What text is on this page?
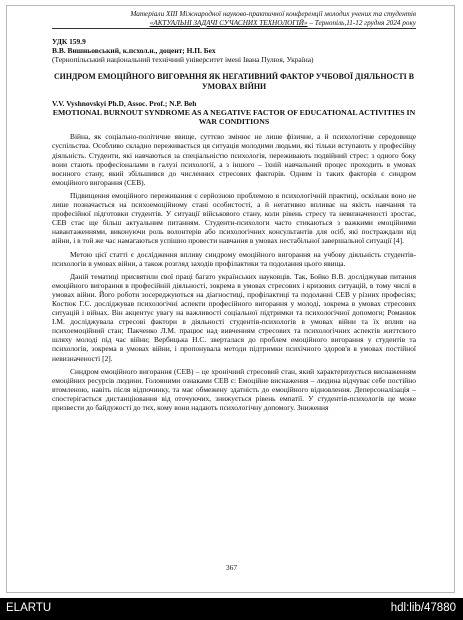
Матеріали XIII Міжнародної науково-практичної конференції молодих учених та студентів
«АКТУАЛЬНІ ЗАДАЧІ СУЧАСНИХ ТЕХНОЛОГІЙ» – Тернопіль,11-12 грудня 2024 року
УДК 159.9
В.В. Вишньовський, к.псхол.н., доцент; Н.П. Бех
(Тернопільський національний технічний університет імені Івана Пулюя, Україна)
СИНДРОМ ЕМОЦІЙНОГО ВИГОРАННЯ ЯК НЕГАТИВНИЙ ФАКТОР УЧБОВОЇ ДІЯЛЬНОСТІ В УМОВАХ ВІЙНИ
V.V. Vyshnovskyi Ph.D, Assoc. Prof.; N.P. Beh
EMOTIONAL BURNOUT SYNDROME AS A NEGATIVE FACTOR OF EDUCATIONAL ACTIVITIES IN WAR CONDITIONS
Війна, як соціально-політичне явище, суттєво змінює не лише фізичне, а й психологічне середовище суспільства. Особливо складно переживається ця ситуація молодими людьми, які тільки вступають у професійну діяльність. Студенти, які навчаються за спеціальністю психологія, переживають подвійний стрес: з одного боку вони стають професіоналами в галузі психології, а з іншого – їхній навчальний процес проходить в умовах воєнного стану, який збільшився до численних стресових факторів. Одним із таких факторів є синдром емоційного вигорання (СЕВ).
Підвищення емоційного переживання є серйозною проблемою в психологічній практиці, оскільки воно не лише позначається на психоемоційному стані особистості, а й негативно впливає на якість навчання та професійної підготовки студентів. У ситуації військового стану, коли рівень стресу та невизначеності зростає, СЕВ стає ще більш актуальним питанням. Студенти-психологи часто стикаються з важкими емоційними навантаженнями, виконуючи роль волонтерів або психологічних консультантів для осіб, які постраждали від війни, і в той же час намагаються успішно провести навчання в умовах нестабільної завершальної ситуації [4].
Метою цієї статті є дослідження впливу синдрому емоційного вигорання на учбову діяльність студентів-психологів в умовах війни, а також розгляд заходів профілактики та подолання цього явища.
Даній тематиці присвятили свої праці багато українських науковців. Так, Бойко В.В. досліджував питання емоційного вигорання в професійній діяльності, зокрема в умовах стресових і кризових ситуацій, в тому числі в умовах війни. Його роботи зосереджуються на діагностиці, профілактиці та подоланні СЕВ у різних професіях; Костюк Г.С. досліджував психологічні аспекти професійного вигорання у молоді, зокрема в умовах стресових ситуацій і війнах. Він акцентує увагу на важливості соціальної підтримки та психологічної допомоги; Романюк І.М. досліджувала стресові фактори в діяльності студентів-психологів в умовах війни та їх вплив на психоемоційний стан; Пакченко Л.М. працює над вивченням стресових та психологічних аспектів життєвого шляху молоді під час війни; Вербицька Н.С. зверталася до проблем емоційного вигорання у студентів та психологів, зокрема в умовах війни, і пропонувала методи підтримки психічного здоров'я в умовах постійної невизначеності [2].
Синдром емоційного вигорання (СЕВ) – це хронічний стресовий стан, який характеризується виснаженням емоційних ресурсів людини. Головними ознаками СЕВ є: Емоційне виснаження – людина відчуває себе постійно втомленою, навіть після відпочинку, та має обмежену здатність до емоційного відновлення. Деперсоналізація – спостерігається дистанціювання від оточуючих, знижується рівень емпатії. У студентів-психологів це може призвести до байдужості до тих, кому вони надають психологічну допомогу. Зниження
367
ELARTU	hdl:lib/47880
